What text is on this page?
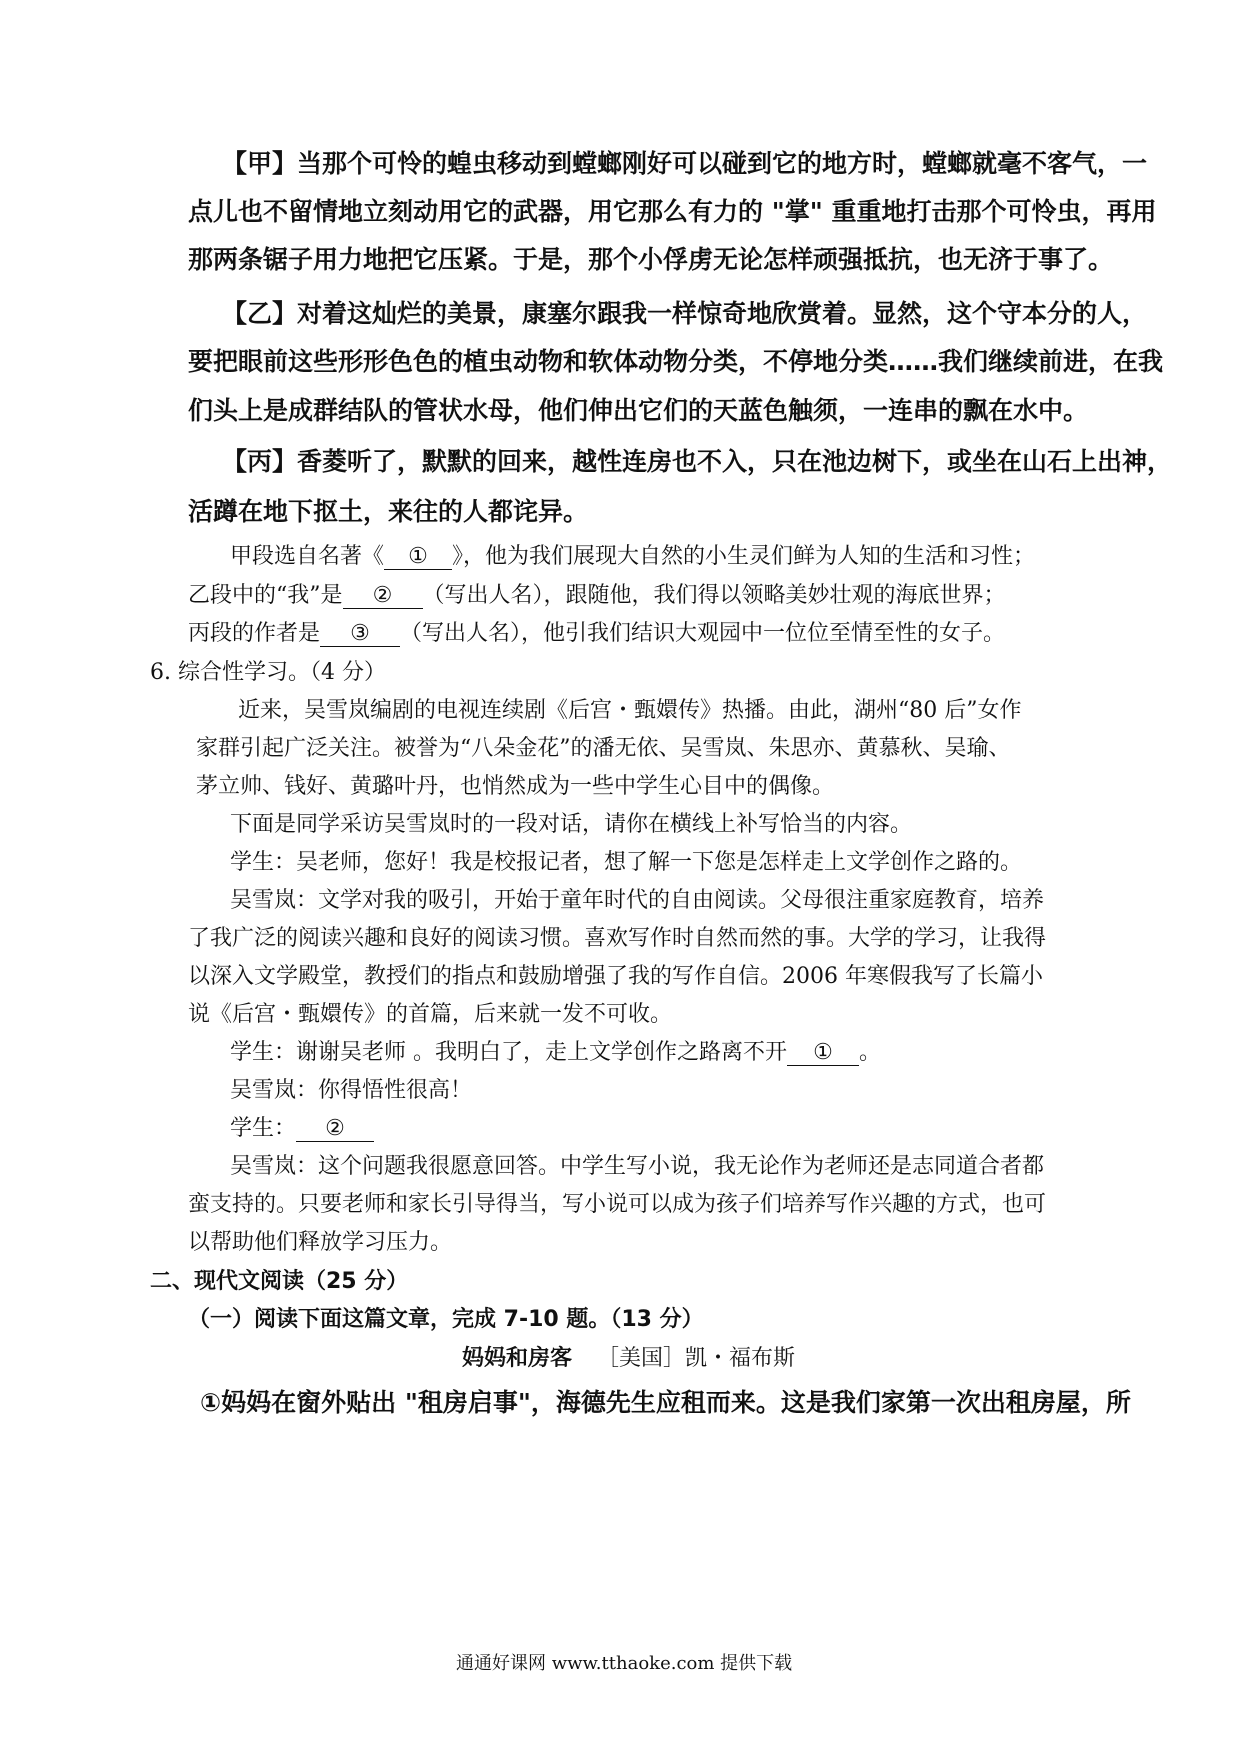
【甲】当那个可怜的蝗虫移动到螳螂刚好可以碰到它的地方时，螳螂就毫不客气，一

点儿也不留情地立刻动用它的武器，用它那么有力的 "掌" 重重地打击那个可怜虫，再用

那两条锯子用力地把它压紧。于是，那个小俘虏无论怎样顽强抵抗，也无济于事了。

【乙】对着这灿烂的美景，康塞尔跟我一样惊奇地欣赏着。显然，这个守本分的人，

要把眼前这些形形色色的植虫动物和软体动物分类，不停地分类……我们继续前进，在我

们头上是成群结队的管状水母，他们伸出它们的天蓝色触须，一连串的飘在水中。

【丙】香菱听了，默默的回来，越性连房也不入，只在池边树下，或坐在山石上出神，

活蹲在地下抠土，来往的人都诧异。

甲段选自名著《 ① 》，他为我们展现大自然的小生灵们鲜为人知的生活和习性；

乙段中的“我”是 ② （写出人名），跟随他，我们得以领略美妙壮观的海底世界；

丙段的作者是 ③ （写出人名），他引我们结识大观园中一位位至情至性的女子。

6. 综合性学习。（4 分）

近来，吴雪岚编剧的电视连续剧《后宫・甄嬛传》热播。由此，湖州“80 后”女作

家群引起广泛关注。被誉为“八朵金花”的潘无依、吴雪岚、朱思亦、黄慕秋、吴瑜、

茅立帅、钱好、黄璐叶丹，也悄然成为一些中学生心目中的偶像。

下面是同学采访吴雪岚时的一段对话，请你在横线上补写恰当的内容。

学生：吴老师，您好！我是校报记者，想了解一下您是怎样走上文学创作之路的。

吴雪岚：文学对我的吸引，开始于童年时代的自由阅读。父母很注重家庭教育，培养

了我广泛的阅读兴趣和良好的阅读习惯。喜欢写作时自然而然的事。大学的学习，让我得

以深入文学殿堂，教授们的指点和鼓励增强了我的写作自信。2006 年寒假我写了长篇小

说《后宫・甄嬛传》的首篇，后来就一发不可收。

学生：谢谢吴老师 。我明白了，走上文学创作之路离不开 ① 。

吴雪岚：你得悟性很高！

学生： ②

吴雪岚：这个问题我很愿意回答。中学生写小说，我无论作为老师还是志同道合者都

蛮支持的。只要老师和家长引导得当，写小说可以成为孩子们培养写作兴趣的方式，也可

以帮助他们释放学习压力。

二、现代文阅读（25 分）

（一）阅读下面这篇文章，完成 7-10 题。（13 分）

妈妈和房客 ［美国］凯・福布斯

①妈妈在窗外贴出 "租房启事"，海德先生应租而来。这是我们家第一次出租房屋，所

通通好课网 www.tthaoke.com 提供下载
